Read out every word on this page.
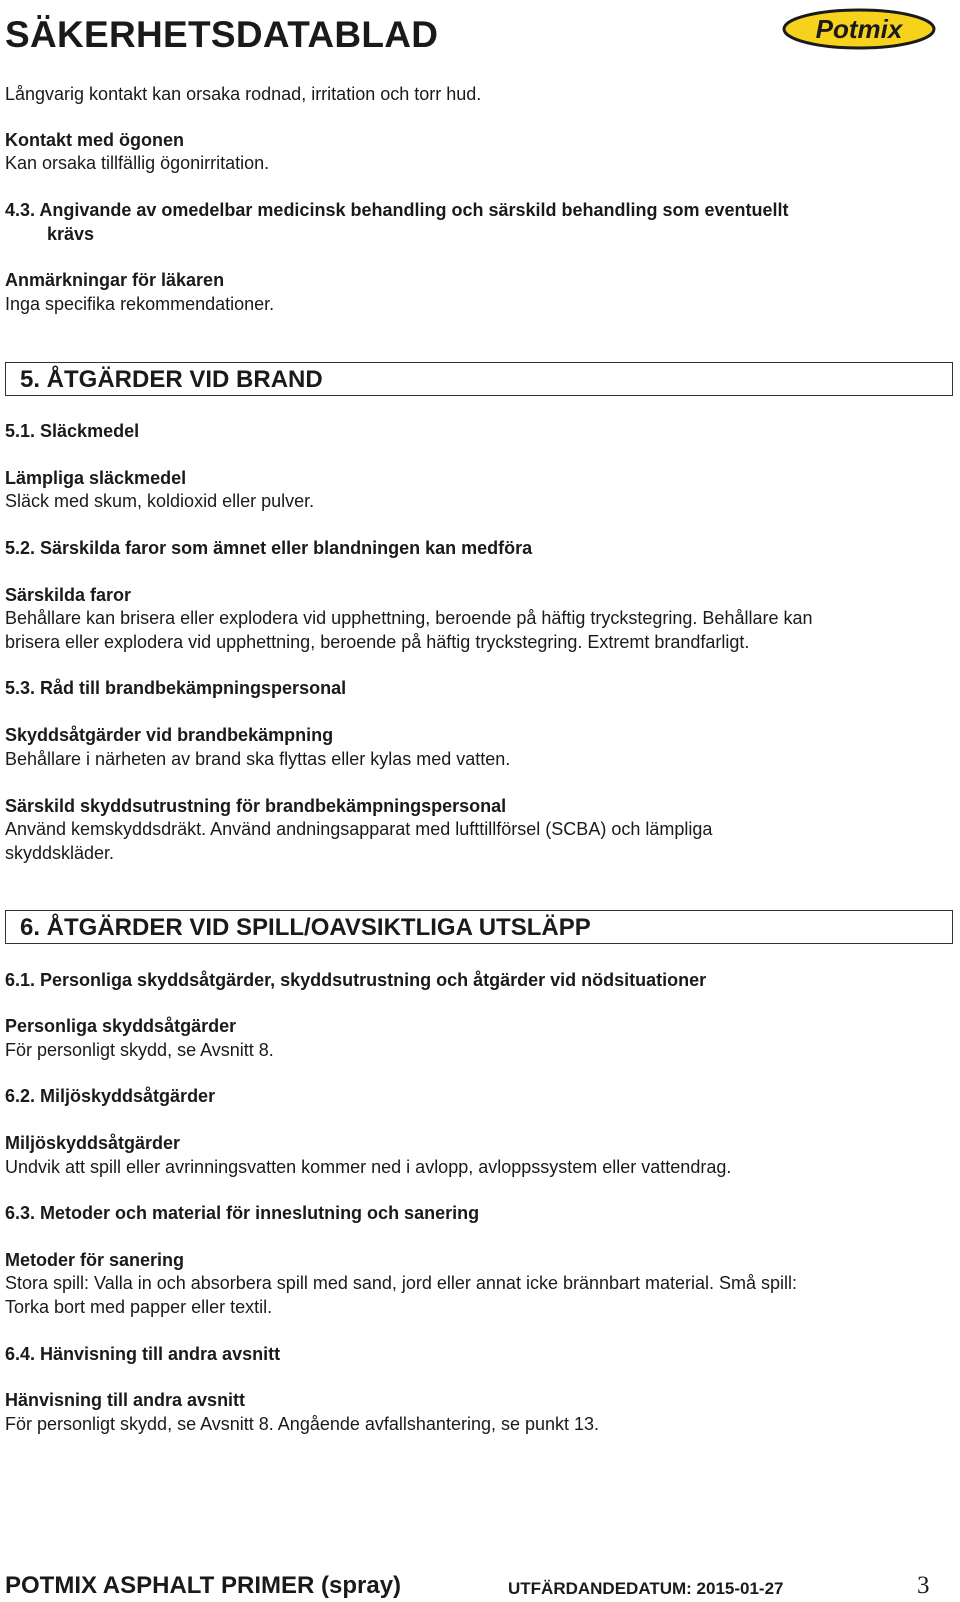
SÄKERHETSDATABLAD	Potmix
Långvarig kontakt kan orsaka rodnad, irritation och torr hud.
Kontakt med ögonen
Kan orsaka tillfällig ögonirritation.
4.3. Angivande av omedelbar medicinsk behandling och särskild behandling som eventuellt
krävs
Anmärkningar för läkaren
Inga specifika rekommendationer.
5. ÅTGÄRDER VID BRAND
5.1. Släckmedel
Lämpliga släckmedel
Släck med skum, koldioxid eller pulver.
5.2. Särskilda faror som ämnet eller blandningen kan medföra
Särskilda faror
Behållare kan brisera eller explodera vid upphettning, beroende på häftig tryckstegring. Behållare kan
brisera eller explodera vid upphettning, beroende på häftig tryckstegring. Extremt brandfarligt.
5.3. Råd till brandbekämpningspersonal
Skyddsåtgärder vid brandbekämpning
Behållare i närheten av brand ska flyttas eller kylas med vatten.
Särskild skyddsutrustning för brandbekämpningspersonal
Använd kemskyddsdräkt. Använd andningsapparat med lufttillförsel (SCBA) och lämpliga
skyddskläder.
6. ÅTGÄRDER VID SPILL/OAVSIKTLIGA UTSLÄPP
6.1. Personliga skyddsåtgärder, skyddsutrustning och åtgärder vid nödsituationer
Personliga skyddsåtgärder
För personligt skydd, se Avsnitt 8.
6.2. Miljöskyddsåtgärder
Miljöskyddsåtgärder
Undvik att spill eller avrinningsvatten kommer ned i avlopp, avloppssystem eller vattendrag.
6.3. Metoder och material för inneslutning och sanering
Metoder för sanering
Stora spill: Valla in och absorbera spill med sand, jord eller annat icke brännbart material. Små spill:
Torka bort med papper eller textil.
6.4. Hänvisning till andra avsnitt
Hänvisning till andra avsnitt
För personligt skydd, se Avsnitt 8. Angående avfallshantering, se punkt 13.
POTMIX ASPHALT PRIMER (spray)	UTFÄRDANDEDATUM: 2015-01-27	3
